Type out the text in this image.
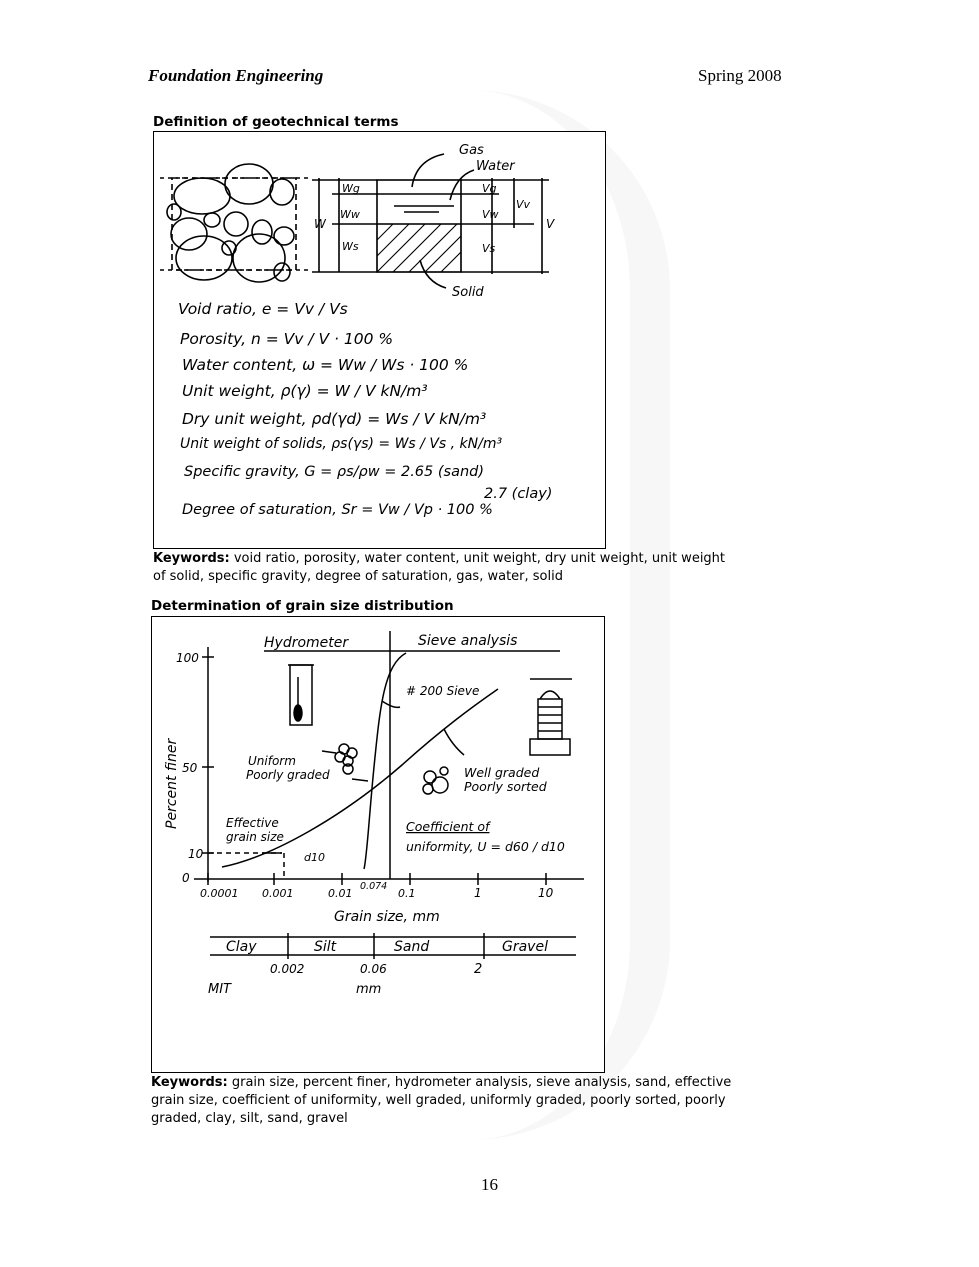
Foundation Engineering	Spring 2008
Definition of geotechnical terms
Gas
Water
Solid
Wg
Ww
Ws
W
Vg
Vw
Vs
Vv
V
Void ratio, e = Vv / Vs
Porosity, n = Vv / V · 100 %
Water content, ω = Ww / Ws · 100 %
Unit weight, ρ(γ) = W / V kN/m³
Dry unit weight, ρd(γd) = Ws / V kN/m³
Unit weight of solids, ρs(γs) = Ws / Vs , kN/m³
Specific gravity, G = ρs/ρw = 2.65 (sand)
2.7 (clay)
Degree of saturation, Sr = Vw / Vp · 100 %
Keywords: void ratio, porosity, water content, unit weight, dry unit weight, unit weight
of solid, specific gravity, degree of saturation, gas, water, solid
Determination of grain size distribution
Hydrometer	Sieve analysis
# 200 Sieve
Uniform
Poorly graded	Well graded
Poorly sorted
Effective
grain size
d10
Coefficient of
uniformity, U = d60 / d10
Percent finer
Grain size, mm
100
50
10
0
0.0001 0.001	0.01
0.074
0.1	1	10
Clay	Silt	Sand	Gravel
0.002	0.06	2
MIT	mm
Keywords: grain size, percent finer, hydrometer analysis, sieve analysis, sand, effective
grain size, coefficient of uniformity, well graded, uniformly graded, poorly sorted, poorly
graded, clay, silt, sand, gravel
16
